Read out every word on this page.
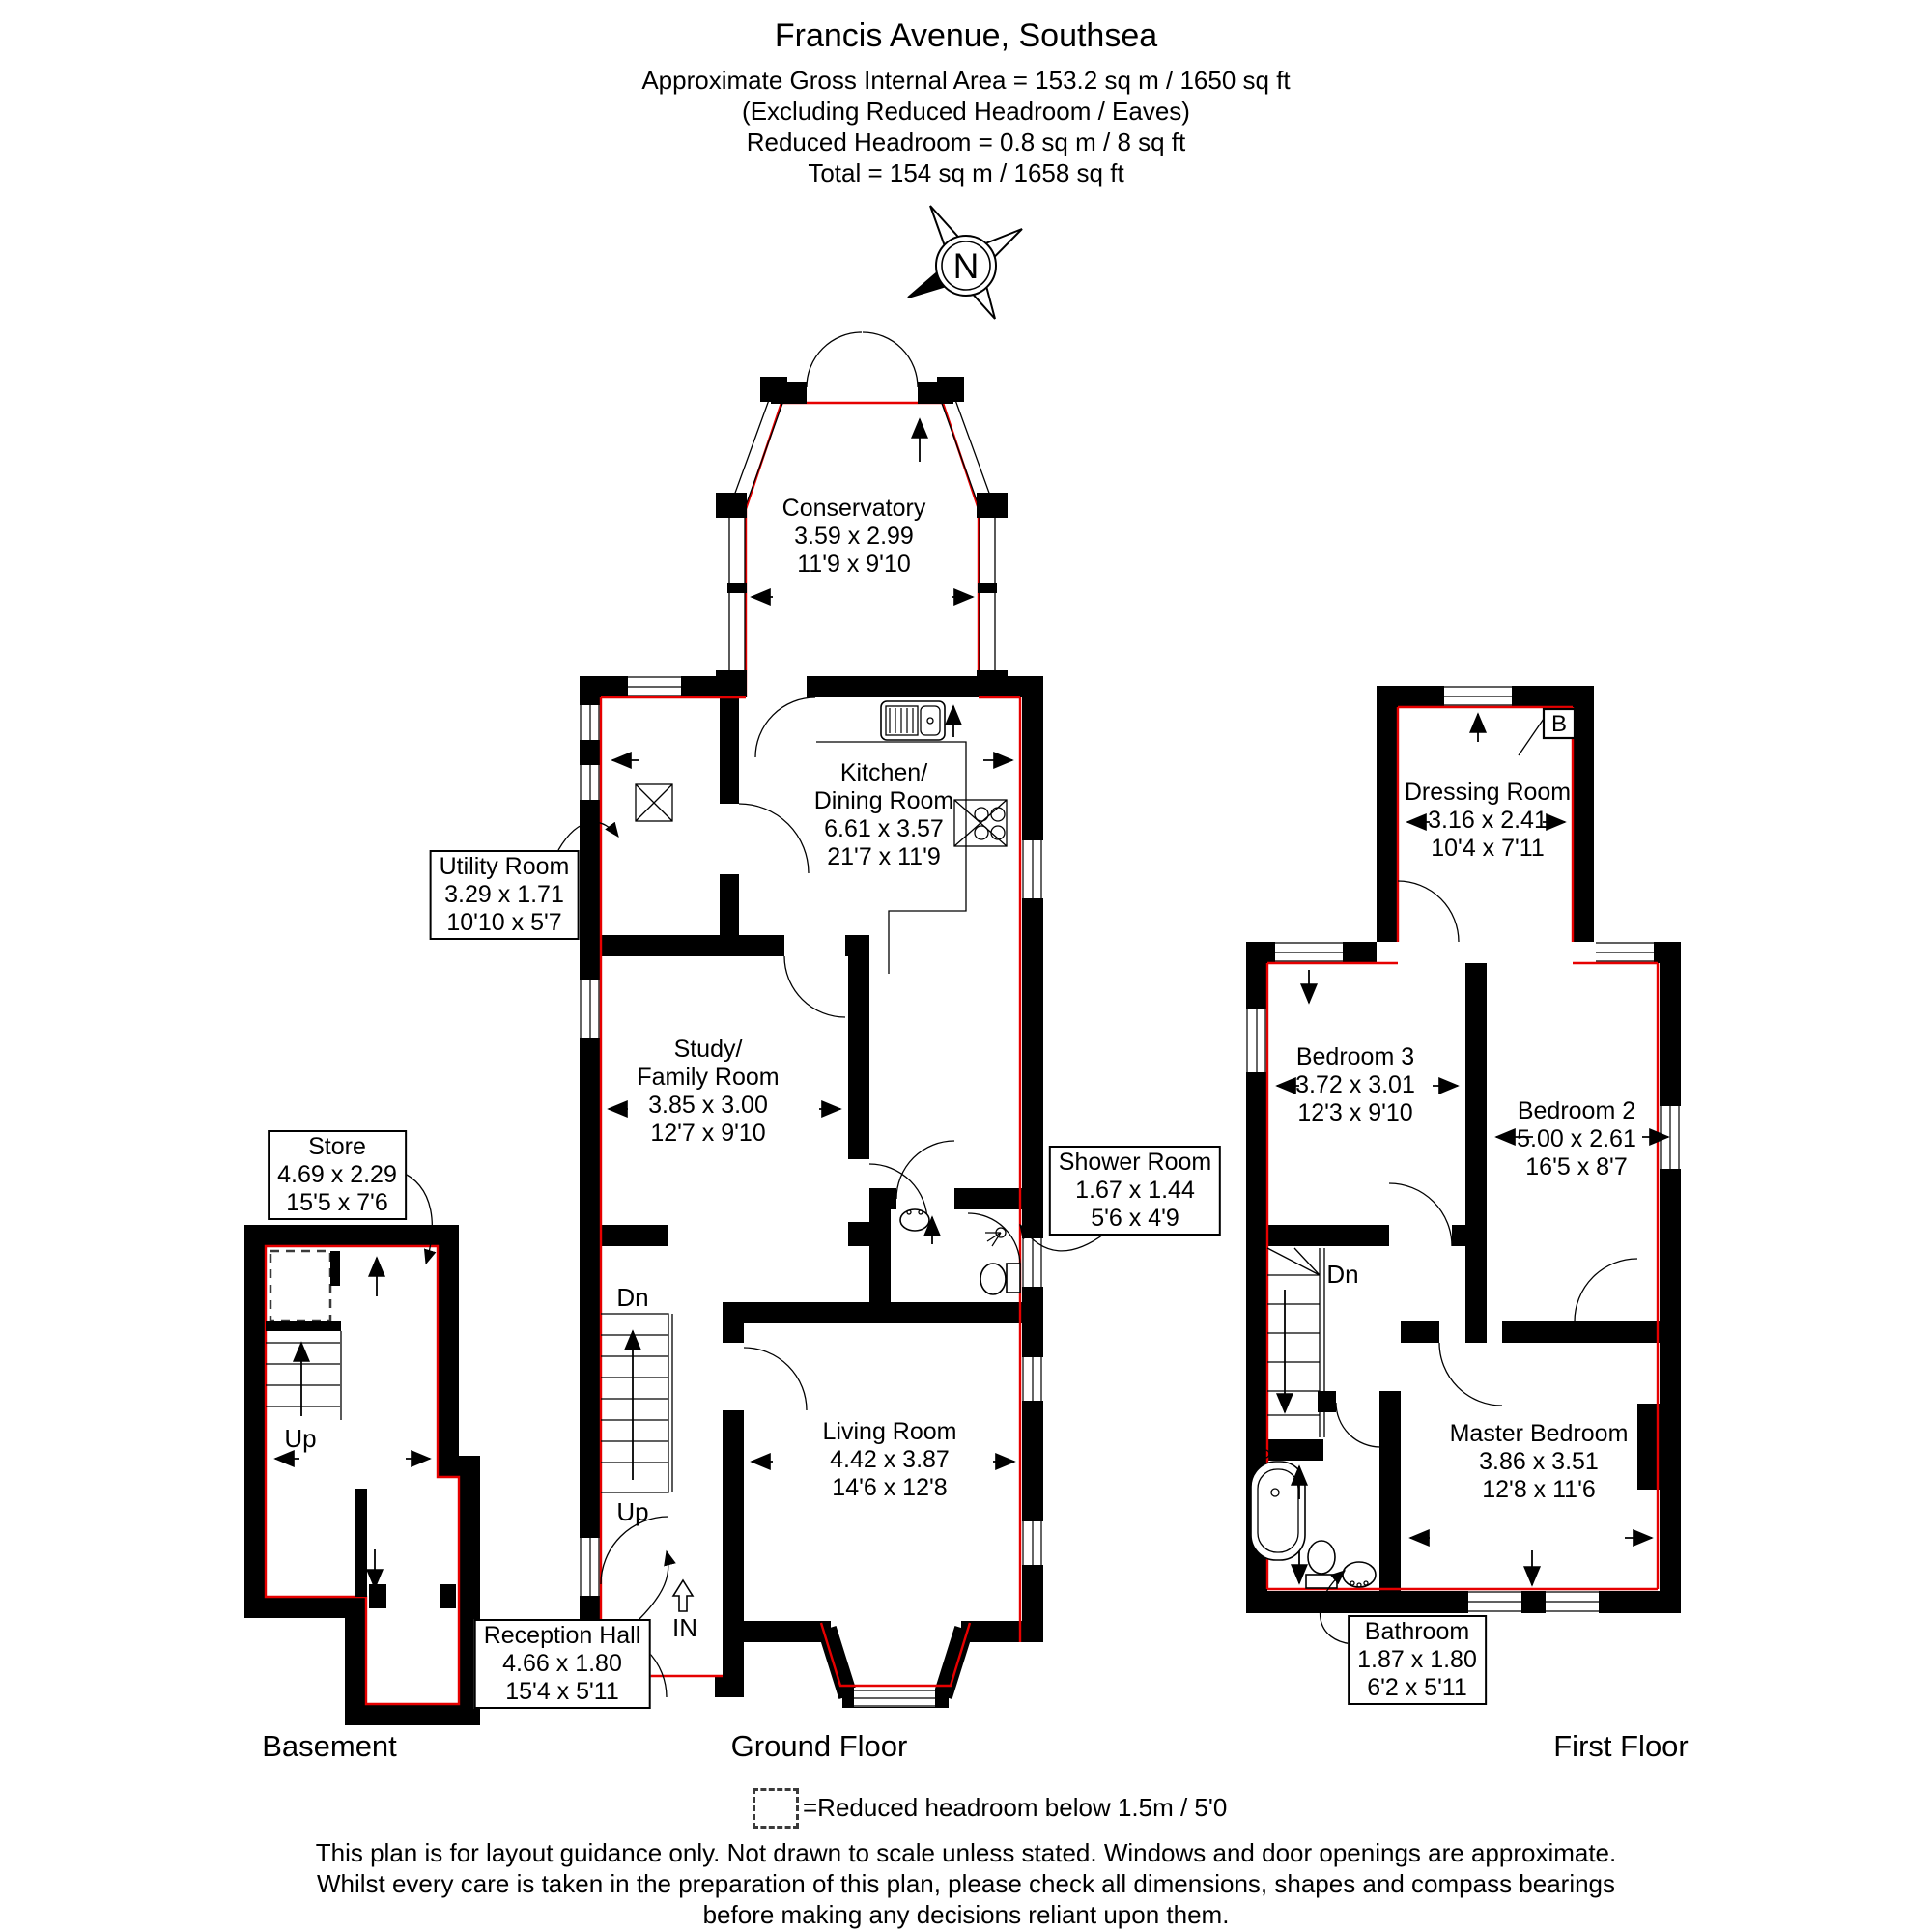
Francis Avenue, Southsea
Approximate Gross Internal Area = 153.2 sq m / 1650 sq ft
(Excluding Reduced Headroom / Eaves)
Reduced Headroom = 0.8 sq m / 8 sq ft
Total = 154 sq m / 1658 sq ft
N
Conservatory
3.59 x 2.99
11'9 x 9'10
Kitchen/
Dining Room
6.61 x 3.57
21'7 x 11'9
Utility Room
3.29 x 1.71
10'10 x 5'7
Study/
Family Room
3.85 x 3.00
12'7 x 9'10
Shower Room
1.67 x 1.44
5'6 x 4'9
Living Room
4.42 x 3.87
14'6 x 12'8
Reception Hall
4.66 x 1.80
15'4 x 5'11
Store
4.69 x 2.29
15'5 x 7'6
Dressing Room
3.16 x 2.41
10'4 x 7'11
Bedroom 3
3.72 x 3.01
12'3 x 9'10	Bedroom 2
5.00 x 2.61
16'5 x 8'7
Master Bedroom
3.86 x 3.51
12'8 x 11'6
Bathroom
1.87 x 1.80
6'2 x 5'11
Dn
Up
Up
Dn
IN
B
Basement	Ground Floor	First Floor
=Reduced headroom below 1.5m / 5'0
This plan is for layout guidance only. Not drawn to scale unless stated. Windows and door openings are approximate. Whilst every care is taken in the preparation of this plan, please check all dimensions, shapes and compass bearings before making any decisions reliant upon them.
